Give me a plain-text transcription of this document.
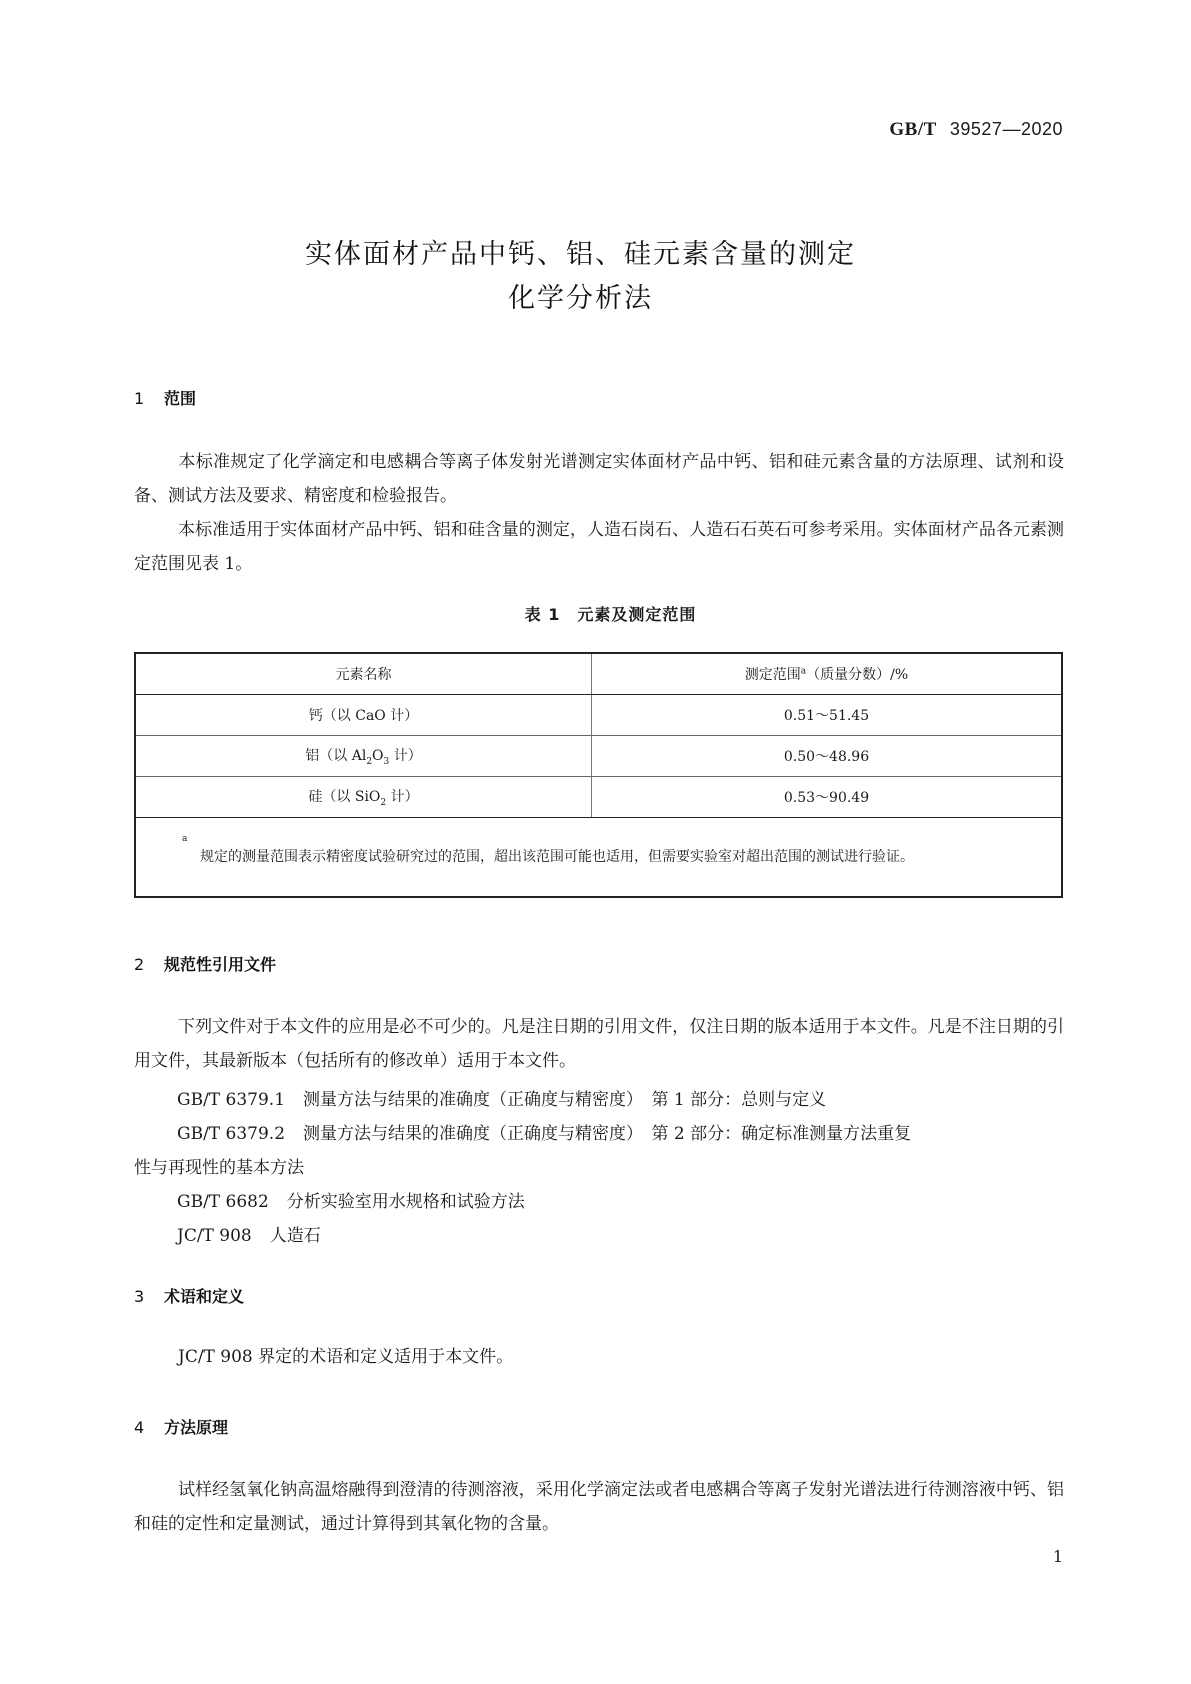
GB/T 39527—2020
实体面材产品中钙、铝、硅元素含量的测定
化学分析法
1 范围
本标准规定了化学滴定和电感耦合等离子体发射光谱测定实体面材产品中钙、铝和硅元素含量的方法原理、试剂和设备、测试方法及要求、精密度和检验报告。
本标准适用于实体面材产品中钙、铝和硅含量的测定，人造石岗石、人造石石英石可参考采用。实体面材产品各元素测定范围见表 1。
表 1　元素及测定范围
元素名称	测定范围$^a$（质量分数）/%
钙（以 CaO 计）	0.51～51.45
铝（以 $Al_2O_3$ 计）	0.50～48.96
硅（以 SiO$_2$ 计）	0.53～90.49

a
规定的测量范围表示精密度试验研究过的范围，超出该范围可能也适用，但需要实验室对超出范围的测试进行验证。	
2 规范性引用文件
下列文件对于本文件的应用是必不可少的。凡是注日期的引用文件，仅注日期的版本适用于本文件。凡是不注日期的引用文件，其最新版本（包括所有的修改单）适用于本文件。
GB/T 6379.1 测量方法与结果的准确度（正确度与精密度）　第 1 部分：总则与定义
GB/T 6379.2 测量方法与结果的准确度（正确度与精密度）　第 2 部分：确定标准测量方法重复
性与再现性的基本方法
GB/T 6682 分析实验室用水规格和试验方法
JC/T 908 人造石
3 术语和定义
JC/T 908 界定的术语和定义适用于本文件。
4 方法原理
试样经氢氧化钠高温熔融得到澄清的待测溶液，采用化学滴定法或者电感耦合等离子发射光谱法进行待测溶液中钙、铝和硅的定性和定量测试，通过计算得到其氧化物的含量。
1
